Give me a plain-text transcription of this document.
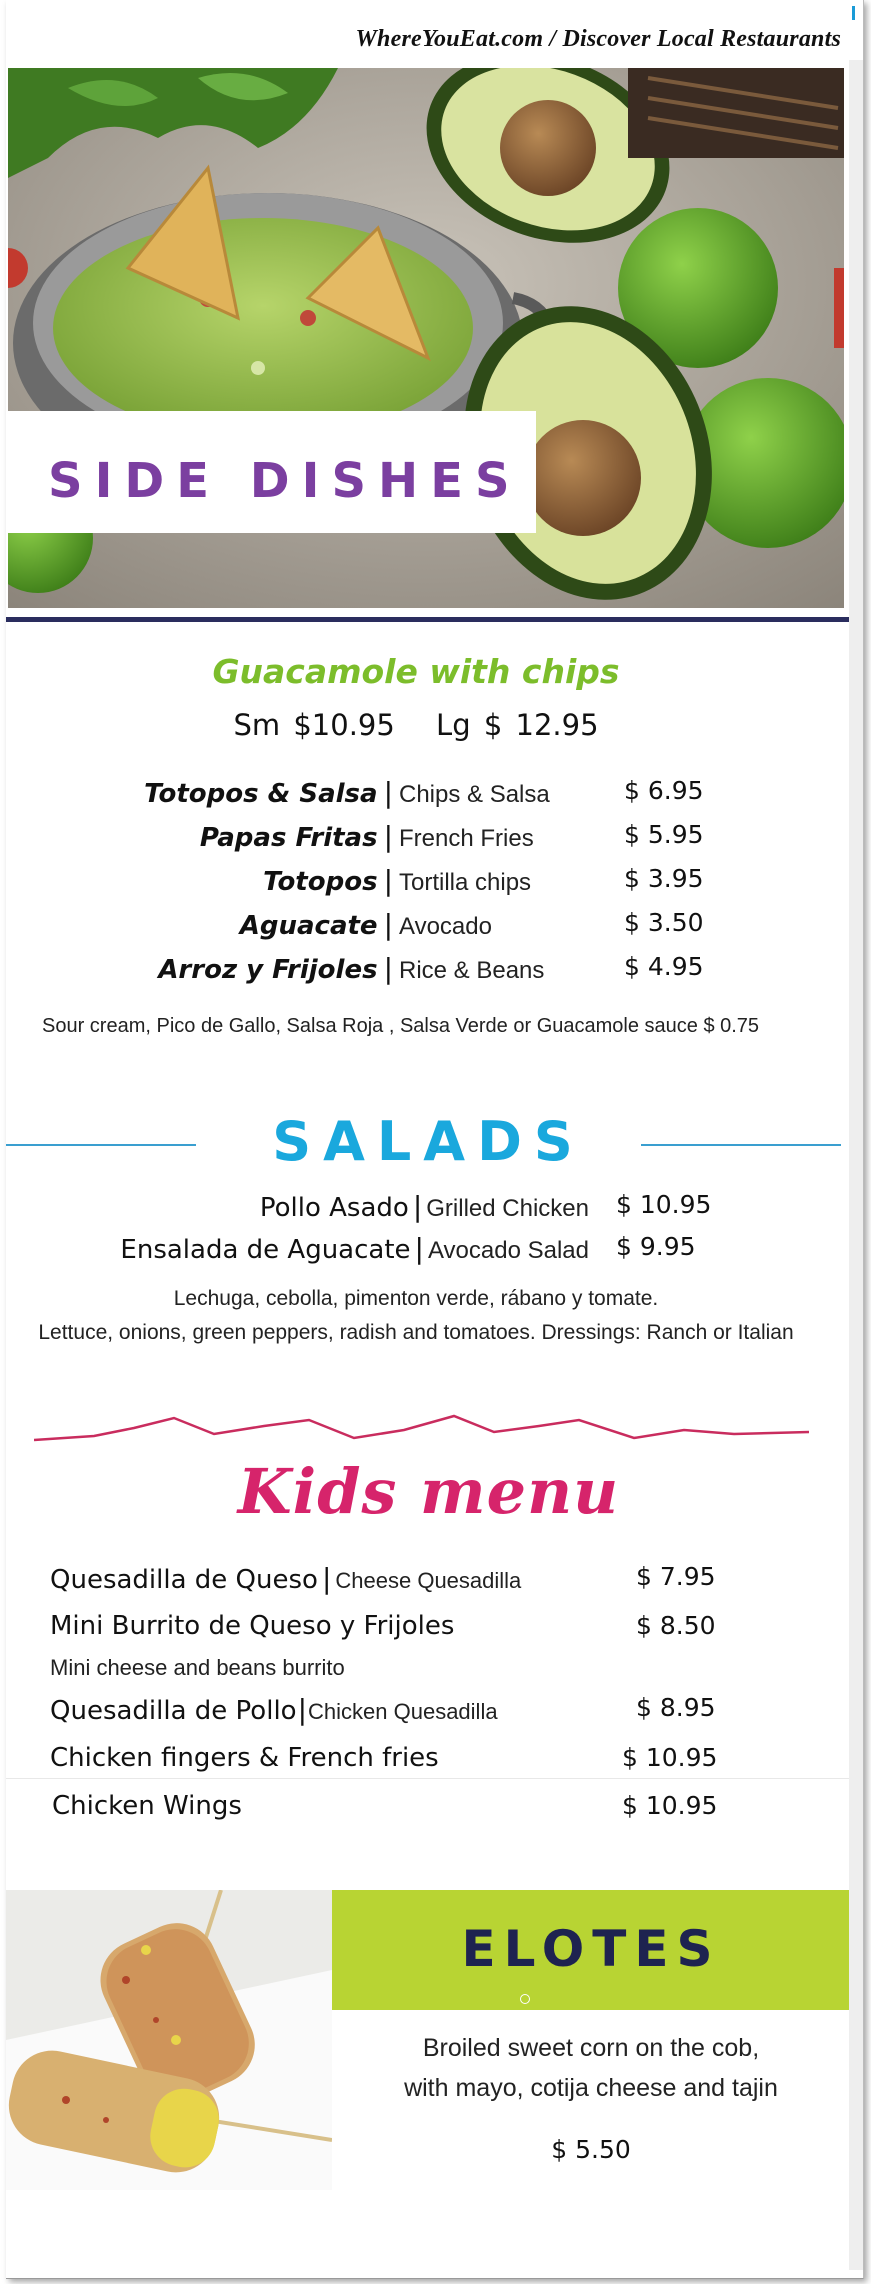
WhereYouEat.com / Discover Local Restaurants
SIDE DISHES
Guacamole with chips
Sm $10.95 Lg $ 12.95
Totopos & Salsa | Chips & Salsa	$ 6.95
Papas Fritas | French Fries	$ 5.95
Totopos | Tortilla chips	$ 3.95
Aguacate | Avocado	$ 3.50
Arroz y Frijoles | Rice & Beans	$ 4.95
Sour cream, Pico de Gallo, Salsa Roja , Salsa Verde or Guacamole sauce $ 0.75
SALADS
Pollo Asado | Grilled Chicken $ 10.95
Ensalada de Aguacate | Avocado Salad $ 9.95
Lechuga, cebolla, pimenton verde, rábano y tomate.
Lettuce, onions, green peppers, radish and tomatoes. Dressings: Ranch or Italian
Kids menu
Quesadilla de Queso | Cheese Quesadilla	$ 7.95
Mini Burrito de Queso y Frijoles	$ 8.50
Mini cheese and beans burrito
Quesadilla de Pollo|Chicken Quesadilla	$ 8.95
Chicken fingers & French fries	$ 10.95
Chicken Wings	$ 10.95
ELOTES
Broiled sweet corn on the cob,
with mayo, cotija cheese and tajin
$ 5.50
